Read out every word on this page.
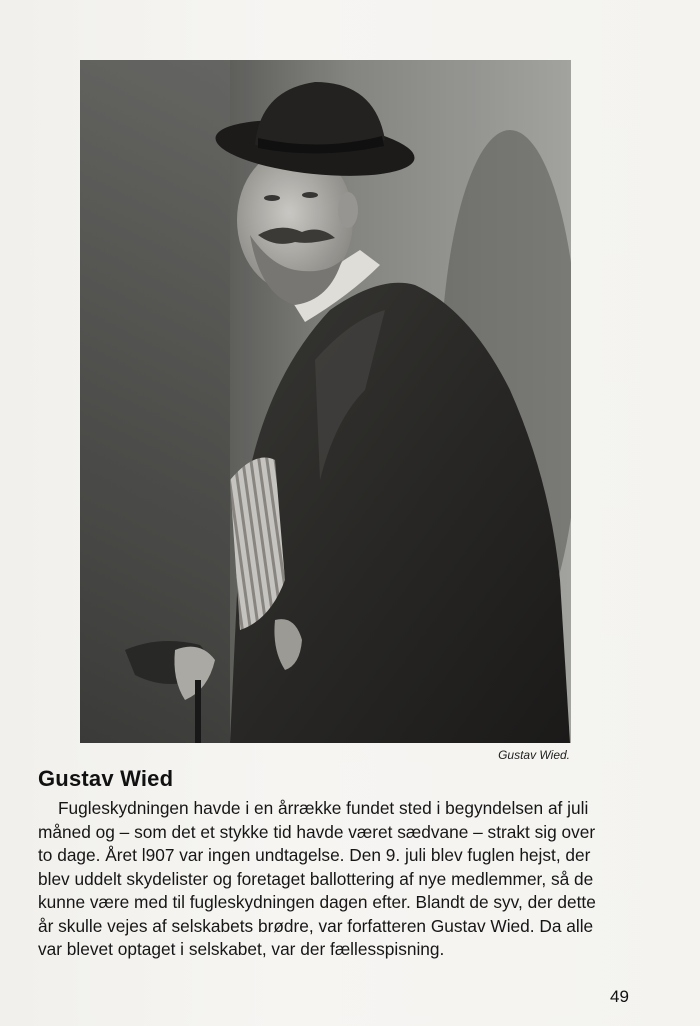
Gustav Wied.
Gustav Wied
Fugleskydningen havde i en årrække fundet sted i begyndelsen af juli
måned og – som det et stykke tid havde været sædvane – strakt sig over
to dage. Året l907 var ingen undtagelse. Den 9. juli blev fuglen hejst, der
blev uddelt skydelister og foretaget ballottering af nye medlemmer, så de
kunne være med til fugleskydningen dagen efter. Blandt de syv, der dette
år skulle vejes af selskabets brødre, var forfatteren Gustav Wied. Da alle
var blevet optaget i selskabet, var der fællesspisning.
49
